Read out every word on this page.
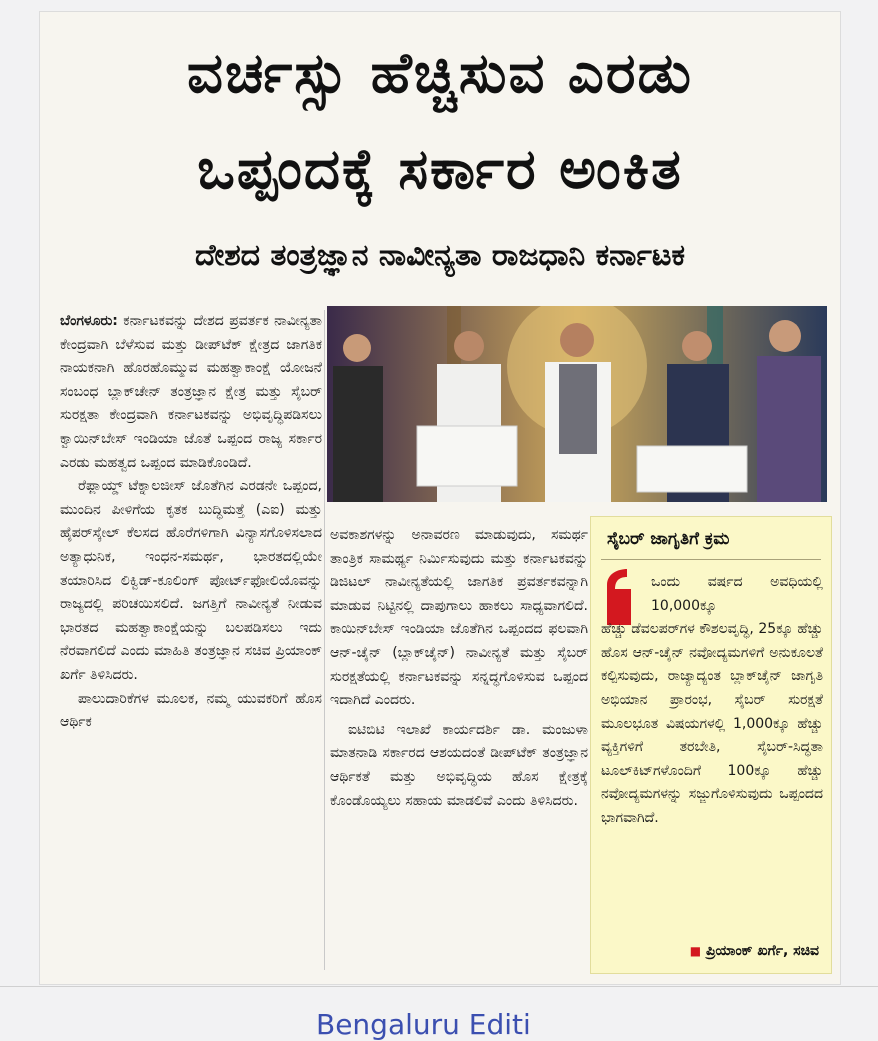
ವರ್ಚಸ್ಸು ಹೆಚ್ಚಿಸುವ ಎರಡು
ಒಪ್ಪಂದಕ್ಕೆ ಸರ್ಕಾರ ಅಂಕಿತ
ದೇಶದ ತಂತ್ರಜ್ಞಾನ ನಾವೀನ್ಯತಾ ರಾಜಧಾನಿ ಕರ್ನಾಟಕ

ಬೆಂಗಳೂರು: ಕರ್ನಾಟಕವನ್ನು ದೇಶದ ಪ್ರವರ್ತಕ ನಾವೀನ್ಯತಾ ಕೇಂದ್ರವಾಗಿ ಬೆಳೆಸುವ ಮತ್ತು ಡೀಪ್‌ಟೆಕ್ ಕ್ಷೇತ್ರದ ಜಾಗತಿಕ ನಾಯಕನಾಗಿ ಹೊರಹೊಮ್ಮುವ ಮಹತ್ವಾಕಾಂಕ್ಷೆ ಯೋಜನೆ ಸಂಬಂಧ ಬ್ಲಾಕ್‌ಚೇನ್ ತಂತ್ರಜ್ಞಾನ ಕ್ಷೇತ್ರ ಮತ್ತು ಸೈಬರ್ ಸುರಕ್ಷತಾ ಕೇಂದ್ರವಾಗಿ ಕರ್ನಾಟಕವನ್ನು ಅಭಿವೃದ್ಧಿಪಡಿಸಲು ಕ್ವಾಯಿನ್‌ಬೇಸ್ ಇಂಡಿಯಾ ಜೊತೆ ಒಪ್ಪಂದ ರಾಜ್ಯ ಸರ್ಕಾರ ಎರಡು ಮಹತ್ವದ ಒಪ್ಪಂದ ಮಾಡಿಕೊಂಡಿದೆ.

ರೆಫ್ಲಾಯ್ಡ್ ಟೆಕ್ನಾಲಜೀಸ್ ಜೊತೆಗಿನ ಎರಡನೇ ಒಪ್ಪಂದ, ಮುಂದಿನ ಪೀಳಿಗೆಯ ಕೃತಕ ಬುದ್ಧಿಮತ್ತೆ (ಎಐ) ಮತ್ತು ಹೈಪರ್‌ಸ್ಕೇಲ್ ಕೆಲಸದ ಹೊರೆಗಳಿಗಾಗಿ ವಿನ್ಯಾಸಗೊಳಿಸಲಾದ ಅತ್ಯಾಧುನಿಕ, ಇಂಧನ-ಸಮರ್ಥ, ಭಾರತದಲ್ಲಿಯೇ ತಯಾರಿಸಿದ ಲಿಕ್ವಿಡ್-ಕೂಲಿಂಗ್ ಪೋರ್ಟ್‌ಫೋಲಿಯೊವನ್ನು ರಾಜ್ಯದಲ್ಲಿ ಪರಿಚಯಿಸಲಿದೆ. ಜಗತ್ತಿಗೆ ನಾವೀನ್ಯತೆ ನೀಡುವ ಭಾರತದ ಮಹತ್ವಾಕಾಂಕ್ಷೆಯನ್ನು ಬಲಪಡಿಸಲು ಇದು ನೆರವಾಗಲಿದೆ ಎಂದು ಮಾಹಿತಿ ತಂತ್ರಜ್ಞಾನ ಸಚಿವ ಪ್ರಿಯಾಂಕ್ ಖರ್ಗೆ ತಿಳಿಸಿದರು.

ಪಾಲುದಾರಿಕೆಗಳ ಮೂಲಕ, ನಮ್ಮ ಯುವಕರಿಗೆ ಹೊಸ ಆರ್ಥಿಕ

ಅವಕಾಶಗಳನ್ನು ಅನಾವರಣ ಮಾಡುವುದು, ಸಮರ್ಥ ತಾಂತ್ರಿಕ ಸಾಮರ್ಥ್ಯ ನಿರ್ಮಿಸುವುದು ಮತ್ತು ಕರ್ನಾಟಕವನ್ನು ಡಿಜಿಟಲ್ ನಾವೀನ್ಯತೆಯಲ್ಲಿ ಜಾಗತಿಕ ಪ್ರವರ್ತಕವನ್ನಾಗಿ ಮಾಡುವ ನಿಟ್ಟಿನಲ್ಲಿ ದಾಪುಗಾಲು ಹಾಕಲು ಸಾಧ್ಯವಾಗಲಿದೆ. ಕಾಯಿನ್‌ಬೇಸ್ ಇಂಡಿಯಾ ಜೊತೆಗಿನ ಒಪ್ಪಂದದ ಫಲವಾಗಿ ಆನ್-ಚೈನ್ (ಬ್ಲಾಕ್‌ಚೈನ್) ನಾವೀನ್ಯತೆ ಮತ್ತು ಸೈಬರ್ ಸುರಕ್ಷತೆಯಲ್ಲಿ ಕರ್ನಾಟಕವನ್ನು ಸನ್ನದ್ಧಗೊಳಿಸುವ ಒಪ್ಪಂದ ಇದಾಗಿದೆ ಎಂದರು.

ಐಟಿಬಿಟಿ ಇಲಾಖೆ ಕಾರ್ಯದರ್ಶಿ ಡಾ. ಮಂಜುಳಾ ಮಾತನಾಡಿ ಸರ್ಕಾರದ ಆಶಯದಂತೆ ಡೀಪ್‌ಟೆಕ್ ತಂತ್ರಜ್ಞಾನ ಆರ್ಥಿಕತೆ ಮತ್ತು ಅಭಿವೃದ್ಧಿಯ ಹೊಸ ಕ್ಷೇತ್ರಕ್ಕೆ ಕೊಂಡೊಯ್ಯಲು ಸಹಾಯ ಮಾಡಲಿವೆ ಎಂದು ತಿಳಿಸಿದರು.

ಸೈಬರ್ ಜಾಗೃತಿಗೆ ಕ್ರಮ
ಒಂದು ವರ್ಷದ ಅವಧಿಯಲ್ಲಿ 10,000ಕ್ಕೂ
ಹೆಚ್ಚು ಡೆವಲಪರ್‌ಗಳ ಕೌಶಲವೃದ್ಧಿ, 25ಕ್ಕೂ ಹೆಚ್ಚು ಹೊಸ ಆನ್-ಚೈನ್ ನವೋದ್ಯಮಗಳಿಗೆ ಅನುಕೂಲತೆ ಕಲ್ಪಿಸುವುದು, ರಾಜ್ಯಾದ್ಯಂತ ಬ್ಲಾಕ್‌ಚೈನ್ ಜಾಗೃತಿ ಅಭಿಯಾನ ಪ್ರಾರಂಭ, ಸೈಬರ್ ಸುರಕ್ಷತೆ ಮೂಲಭೂತ ವಿಷಯಗಳಲ್ಲಿ 1,000ಕ್ಕೂ ಹೆಚ್ಚು ವ್ಯಕ್ತಿಗಳಿಗೆ ತರಬೇತಿ, ಸೈಬರ್-ಸಿದ್ಧತಾ ಟೂಲ್‌ಕಿಟ್‌ಗಳೊಂದಿಗೆ 100ಕ್ಕೂ ಹೆಚ್ಚು ನವೋದ್ಯಮಗಳನ್ನು ಸಜ್ಜುಗೊಳಿಸುವುದು ಒಪ್ಪಂದದ ಭಾಗವಾಗಿದೆ.
■ ಪ್ರಿಯಾಂಕ್ ಖರ್ಗೆ, ಸಚಿವ
Bengaluru Editi
